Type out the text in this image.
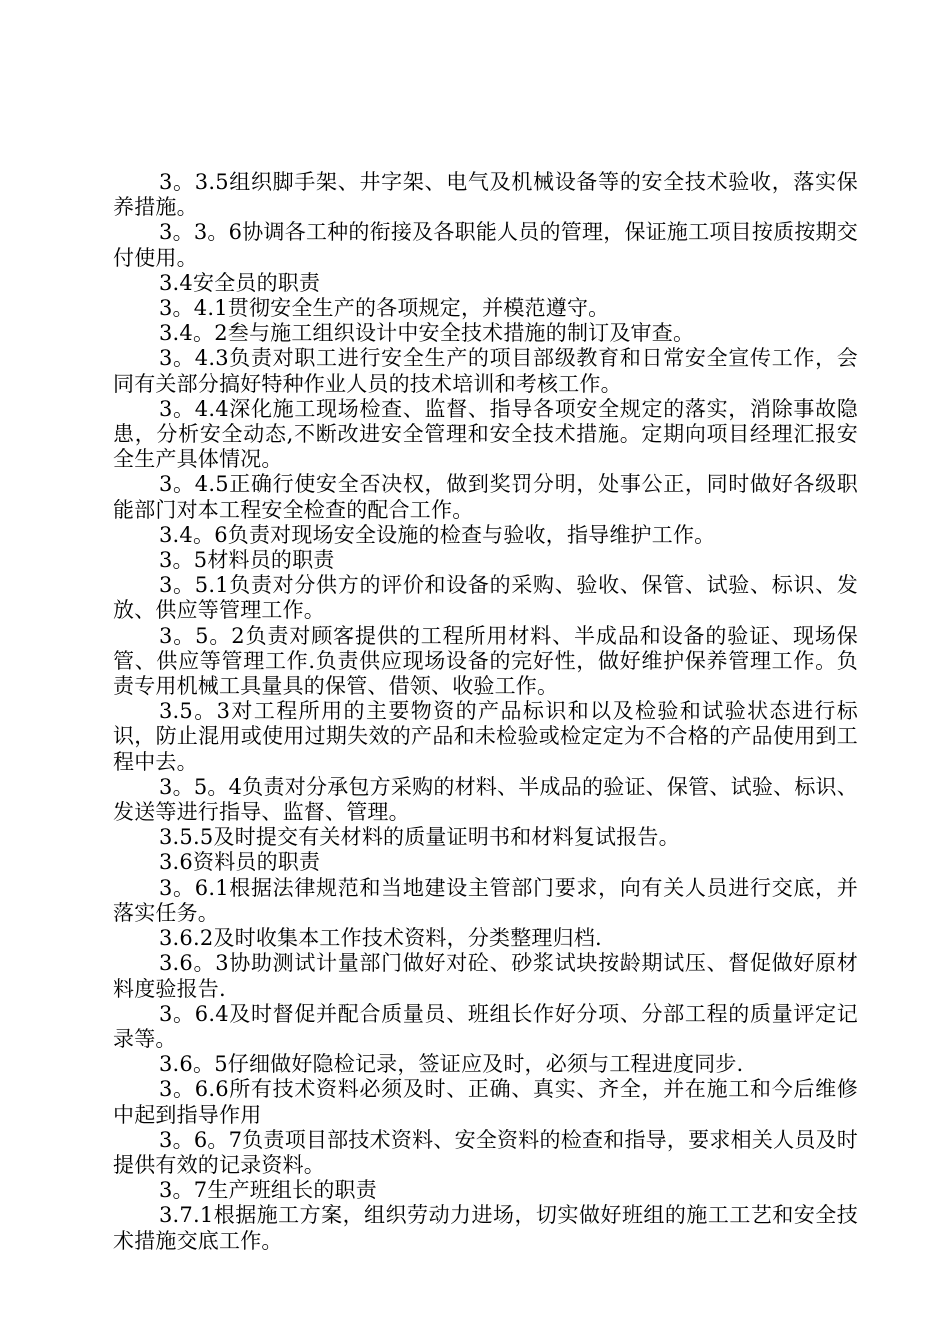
3。3.5组织脚手架、井字架、电气及机械设备等的安全技术验收，落实保养措施。

3。3。6协调各工种的衔接及各职能人员的管理，保证施工项目按质按期交付使用。

3.4安全员的职责

3。4.1贯彻安全生产的各项规定，并模范遵守。

3.4。2叁与施工组织设计中安全技术措施的制订及审查。

3。4.3负责对职工进行安全生产的项目部级教育和日常安全宣传工作，会同有关部分搞好特种作业人员的技术培训和考核工作。

3。4.4深化施工现场检查、监督、指导各项安全规定的落实，消除事故隐患，分析安全动态,不断改进安全管理和安全技术措施。定期向项目经理汇报安全生产具体情况。

3。4.5正确行使安全否决权，做到奖罚分明，处事公正，同时做好各级职能部门对本工程安全检查的配合工作。

3.4。6负责对现场安全设施的检查与验收，指导维护工作。

3。5材料员的职责

3。5.1负责对分供方的评价和设备的采购、验收、保管、试验、标识、发放、供应等管理工作。

3。5。2负责对顾客提供的工程所用材料、半成品和设备的验证、现场保管、供应等管理工作.负责供应现场设备的完好性，做好维护保养管理工作。负责专用机械工具量具的保管、借领、收验工作。

3.5。3对工程所用的主要物资的产品标识和以及检验和试验状态进行标识，防止混用或使用过期失效的产品和未检验或检定定为不合格的产品使用到工程中去。

3。5。4负责对分承包方采购的材料、半成品的验证、保管、试验、标识、发送等进行指导、监督、管理。

3.5.5及时提交有关材料的质量证明书和材料复试报告。

3.6资料员的职责

3。6.1根据法律规范和当地建设主管部门要求，向有关人员进行交底，并落实任务。

3.6.2及时收集本工作技术资料，分类整理归档.

3.6。3协助测试计量部门做好对砼、砂浆试块按龄期试压、督促做好原材料度验报告.

3。6.4及时督促并配合质量员、班组长作好分项、分部工程的质量评定记录等。

3.6。5仔细做好隐检记录，签证应及时，必须与工程进度同步.

3。6.6所有技术资料必须及时、正确、真实、齐全，并在施工和今后维修中起到指导作用

3。6。7负责项目部技术资料、安全资料的检查和指导，要求相关人员及时提供有效的记录资料。

3。7生产班组长的职责

3.7.1根据施工方案，组织劳动力进场，切实做好班组的施工工艺和安全技术措施交底工作。
